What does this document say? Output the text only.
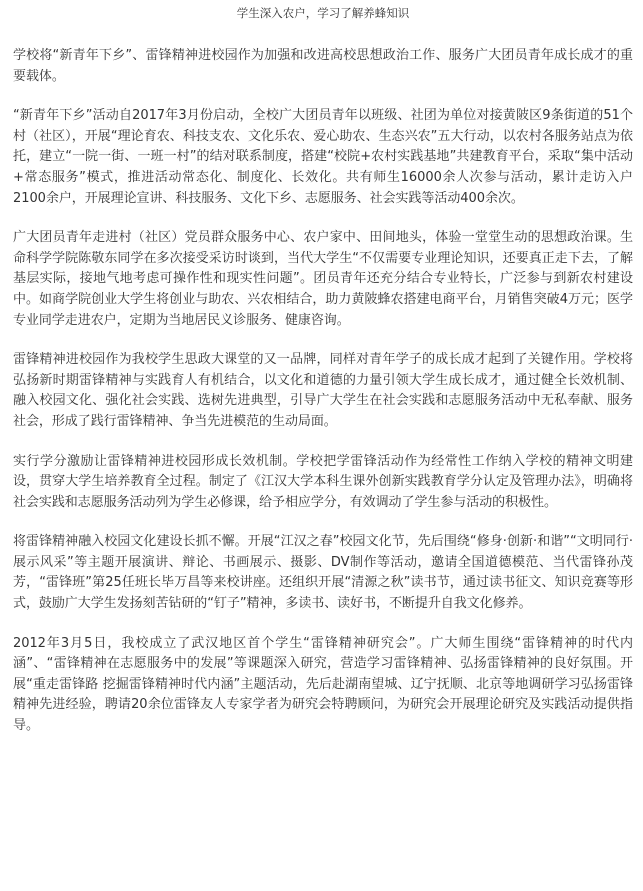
学生深入农户，学习了解养蜂知识

学校将“新青年下乡”、雷锋精神进校园作为加强和改进高校思想政治工作、服务广大团员青年成长成才的重要载体。

“新青年下乡”活动自2017年3月份启动，全校广大团员青年以班级、社团为单位对接黄陂区9条街道的51个村（社区），开展“理论育农、科技支农、文化乐农、爱心助农、生态兴农”五大行动，以农村各服务站点为依托，建立“一院一街、一班一村”的结对联系制度，搭建“校院+农村实践基地”共建教育平台，采取“集中活动+常态服务”模式，推进活动常态化、制度化、长效化。共有师生16000余人次参与活动，累计走访入户2100余户，开展理论宣讲、科技服务、文化下乡、志愿服务、社会实践等活动400余次。

广大团员青年走进村（社区）党员群众服务中心、农户家中、田间地头，体验一堂堂生动的思想政治课。生命科学学院陈敬东同学在多次接受采访时谈到，当代大学生“不仅需要专业理论知识，还要真正走下去，了解基层实际，接地气地考虑可操作性和现实性问题”。团员青年还充分结合专业特长，广泛参与到新农村建设中。如商学院创业大学生将创业与助农、兴农相结合，助力黄陂蜂农搭建电商平台，月销售突破4万元；医学专业同学走进农户，定期为当地居民义诊服务、健康咨询。

雷锋精神进校园作为我校学生思政大课堂的又一品牌，同样对青年学子的成长成才起到了关键作用。学校将弘扬新时期雷锋精神与实践育人有机结合，以文化和道德的力量引领大学生成长成才，通过健全长效机制、融入校园文化、强化社会实践、选树先进典型，引导广大学生在社会实践和志愿服务活动中无私奉献、服务社会，形成了践行雷锋精神、争当先进模范的生动局面。

实行学分激励让雷锋精神进校园形成长效机制。学校把学雷锋活动作为经常性工作纳入学校的精神文明建设，贯穿大学生培养教育全过程。制定了《江汉大学本科生课外创新实践教育学分认定及管理办法》，明确将社会实践和志愿服务活动列为学生必修课，给予相应学分，有效调动了学生参与活动的积极性。

将雷锋精神融入校园文化建设长抓不懈。开展“江汉之春”校园文化节，先后围绕“修身·创新·和谐”“文明同行·展示风采”等主题开展演讲、辩论、书画展示、摄影、DV制作等活动，邀请全国道德模范、当代雷锋孙茂芳，“雷锋班”第25任班长毕万昌等来校讲座。还组织开展“清源之秋”读书节，通过读书征文、知识竞赛等形式，鼓励广大学生发扬刻苦钻研的“钉子”精神，多读书、读好书，不断提升自我文化修养。

2012年3月5日，我校成立了武汉地区首个学生“雷锋精神研究会”。广大师生围绕“雷锋精神的时代内涵”、“雷锋精神在志愿服务中的发展”等课题深入研究，营造学习雷锋精神、弘扬雷锋精神的良好氛围。开展“重走雷锋路 挖掘雷锋精神时代内涵”主题活动，先后赴湖南望城、辽宁抚顺、北京等地调研学习弘扬雷锋精神先进经验，聘请20余位雷锋友人专家学者为研究会特聘顾问，为研究会开展理论研究及实践活动提供指导。
